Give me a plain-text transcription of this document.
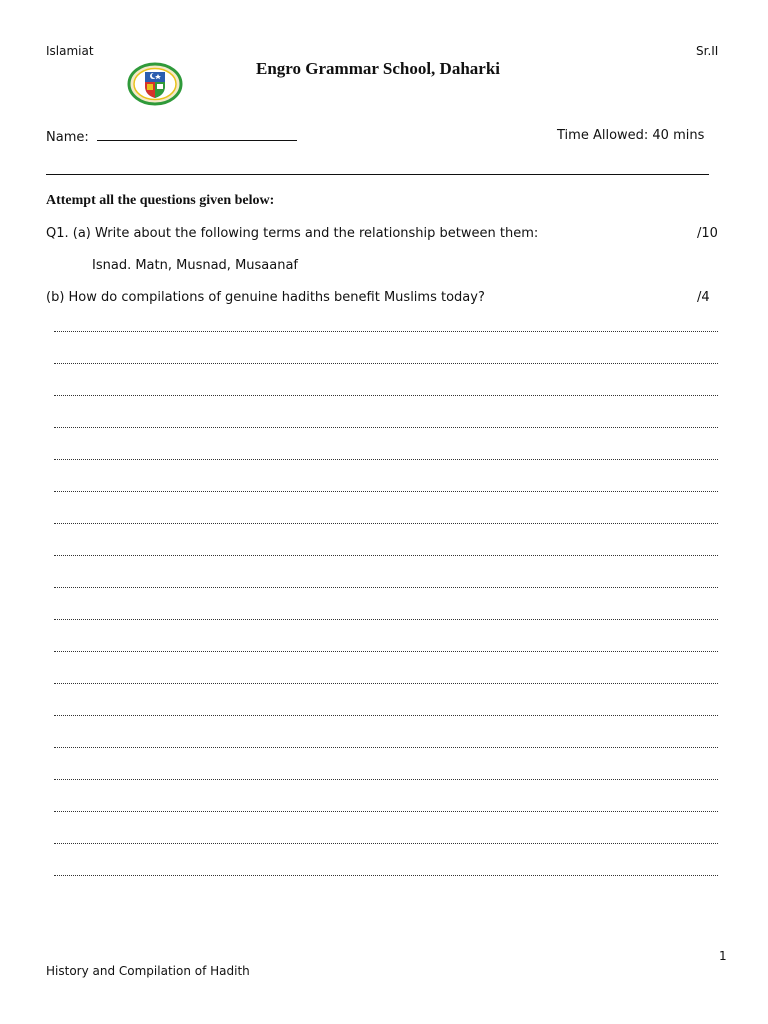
Islamiat	Sr.II
Engro Grammar School, Daharki
Name:	Time Allowed: 40 mins
Attempt all the questions given below:
Q1. (a) Write about the following terms and the relationship between them:	/10
Isnad. Matn, Musnad, Musaanaf
(b) How do compilations of genuine hadiths benefit Muslims today?	/4
1
History and Compilation of Hadith
